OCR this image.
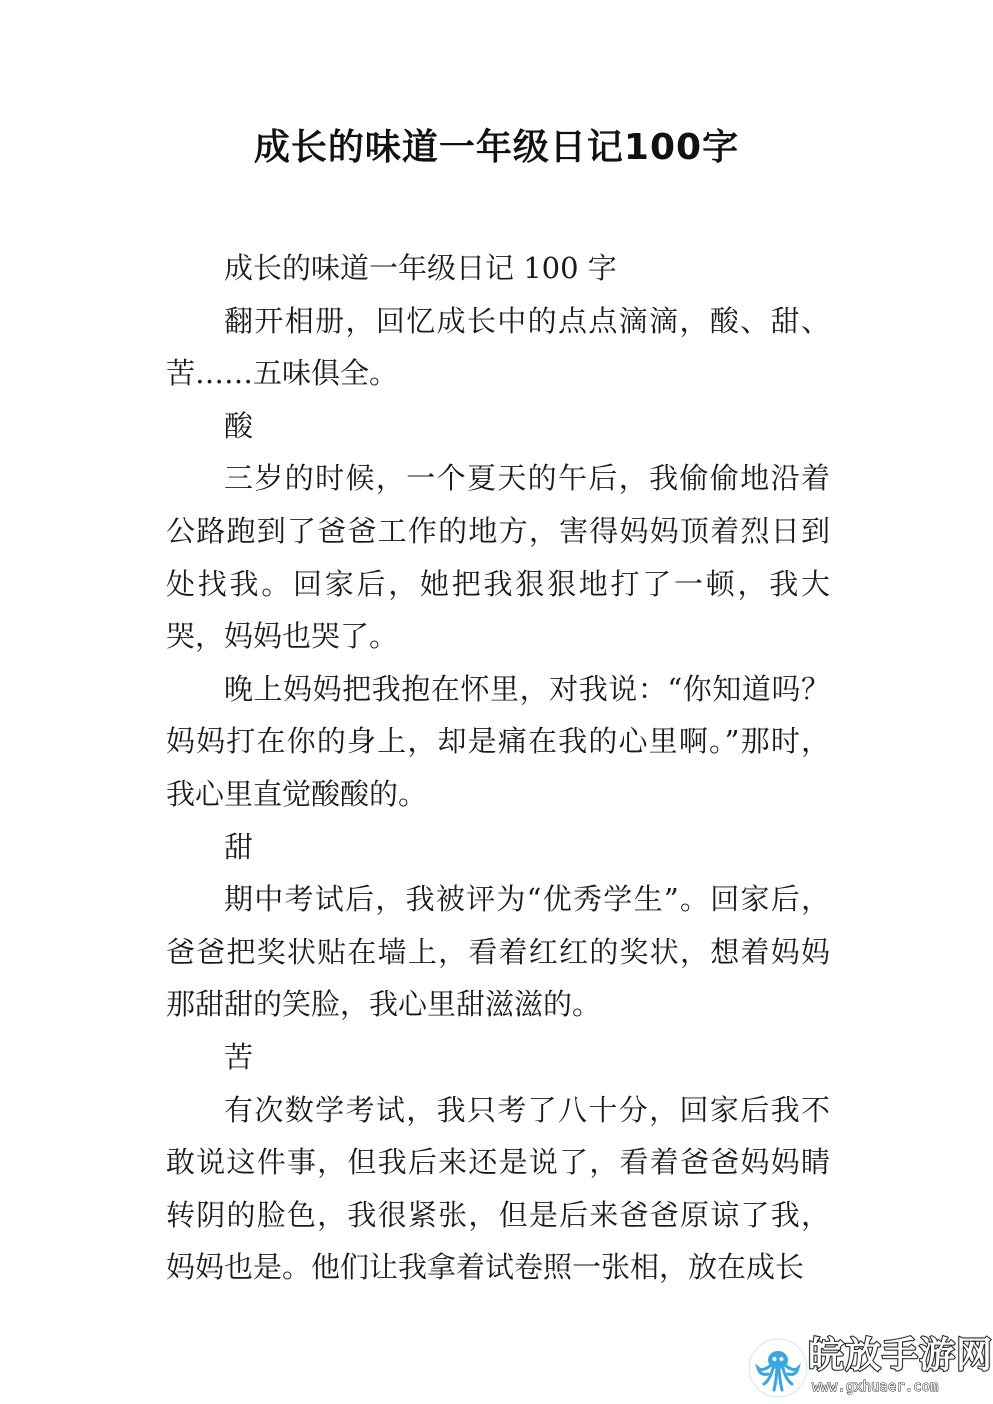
成长的味道一年级日记100字

成长的味道一年级日记 100 字

翻开相册，回忆成长中的点点滴滴，酸、甜、苦……五味俱全。

酸

三岁的时候，一个夏天的午后，我偷偷地沿着公路跑到了爸爸工作的地方，害得妈妈顶着烈日到处找我。回家后，她把我狠狠地打了一顿，我大哭，妈妈也哭了。

晚上妈妈把我抱在怀里，对我说：“你知道吗？妈妈打在你的身上，却是痛在我的心里啊。”那时，我心里直觉酸酸的。

甜

期中考试后，我被评为“优秀学生”。回家后，爸爸把奖状贴在墙上，看着红红的奖状，想着妈妈那甜甜的笑脸，我心里甜滋滋的。

苦

有次数学考试，我只考了八十分，回家后我不敢说这件事，但我后来还是说了，看着爸爸妈妈睛转阴的脸色，我很紧张，但是后来爸爸原谅了我，妈妈也是。他们让我拿着试卷照一张相，放在成长

皖放手游网
www.gxhuaer.com
